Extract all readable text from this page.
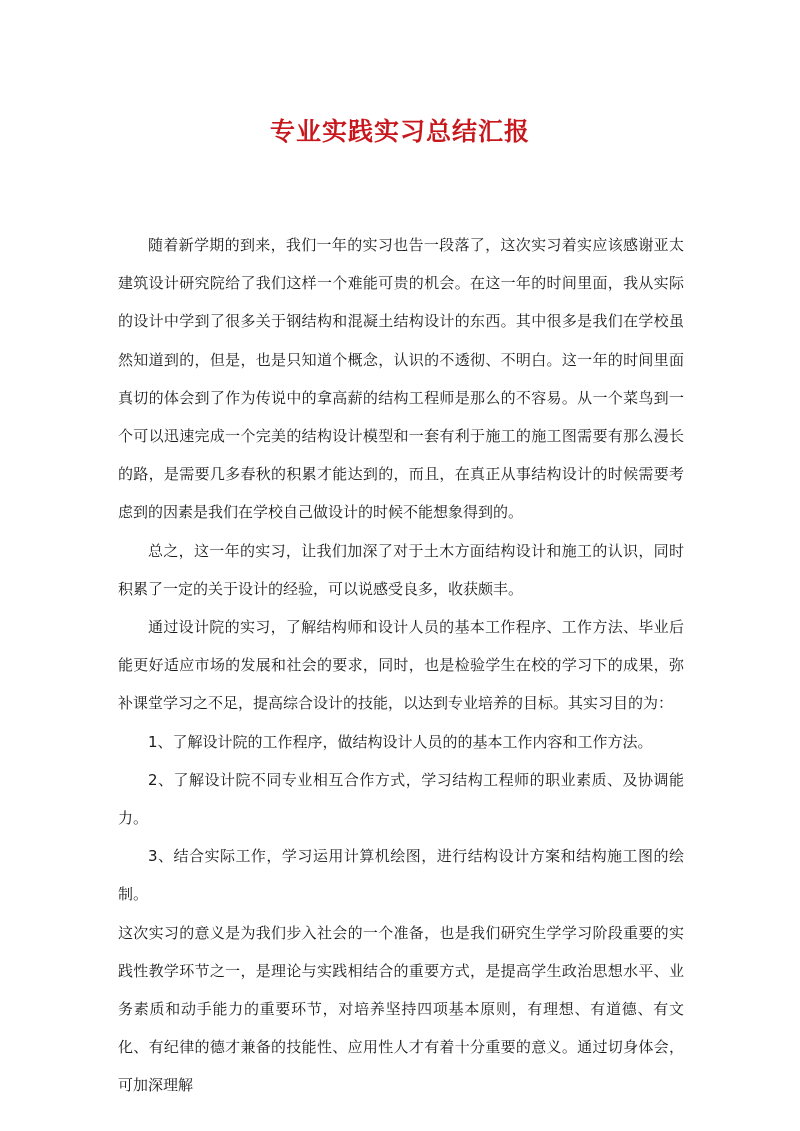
专业实践实习总结汇报

随着新学期的到来，我们一年的实习也告一段落了，这次实习着实应该感谢亚太建筑设计研究院给了我们这样一个难能可贵的机会。在这一年的时间里面，我从实际的设计中学到了很多关于钢结构和混凝土结构设计的东西。其中很多是我们在学校虽然知道到的，但是，也是只知道个概念，认识的不透彻、不明白。这一年的时间里面真切的体会到了作为传说中的拿高薪的结构工程师是那么的不容易。从一个菜鸟到一个可以迅速完成一个完美的结构设计模型和一套有利于施工的施工图需要有那么漫长的路，是需要几多春秋的积累才能达到的，而且，在真正从事结构设计的时候需要考虑到的因素是我们在学校自己做设计的时候不能想象得到的。

总之，这一年的实习，让我们加深了对于土木方面结构设计和施工的认识，同时积累了一定的关于设计的经验，可以说感受良多，收获颇丰。

通过设计院的实习，了解结构师和设计人员的基本工作程序、工作方法、毕业后能更好适应市场的发展和社会的要求，同时，也是检验学生在校的学习下的成果，弥补课堂学习之不足，提高综合设计的技能，以达到专业培养的目标。其实习目的为：

1、了解设计院的工作程序，做结构设计人员的的基本工作内容和工作方法。

2、了解设计院不同专业相互合作方式，学习结构工程师的职业素质、及协调能力。

3、结合实际工作，学习运用计算机绘图，进行结构设计方案和结构施工图的绘制。

这次实习的意义是为我们步入社会的一个准备，也是我们研究生学学习阶段重要的实践性教学环节之一，是理论与实践相结合的重要方式，是提高学生政治思想水平、业务素质和动手能力的重要环节，对培养坚持四项基本原则，有理想、有道德、有文化、有纪律的德才兼备的技能性、应用性人才有着十分重要的意义。通过切身体会，可加深理解
